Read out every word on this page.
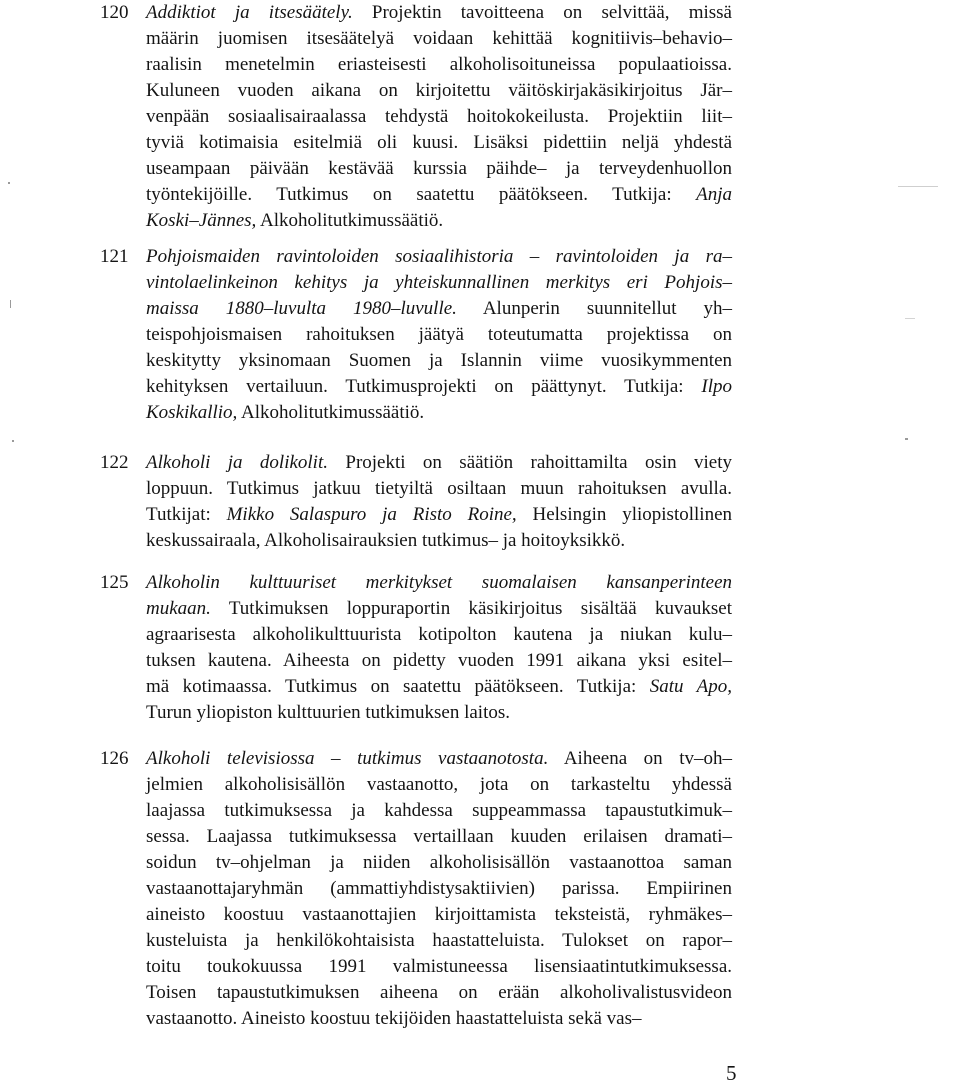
120 Addiktiot ja itsesäätely. Projektin tavoitteena on selvittää, missä
määrin juomisen itsesäätelyä voidaan kehittää kognitiivis–behavio–
raalisin menetelmin eriasteisesti alkoholisoituneissa populaatioissa.
Kuluneen vuoden aikana on kirjoitettu väitöskirjakäsikirjoitus Jär–
venpään sosiaalisairaalassa tehdystä hoitokokeilusta. Projektiin liit–
tyviä kotimaisia esitelmiä oli kuusi. Lisäksi pidettiin neljä yhdestä
useampaan päivään kestävää kurssia päihde– ja terveydenhuollon
työntekijöille. Tutkimus on saatettu päätökseen. Tutkija: Anja
Koski–Jännes, Alkoholitutkimussäätiö.
121 Pohjoismaiden ravintoloiden sosiaalihistoria – ravintoloiden ja ra–
vintolaelinkeinon kehitys ja yhteiskunnallinen merkitys eri Pohjois–
maissa 1880–luvulta 1980–luvulle. Alunperin suunnitellut yh–
teispohjoismaisen rahoituksen jäätyä toteutumatta projektissa on
keskitytty yksinomaan Suomen ja Islannin viime vuosikymmenten
kehityksen vertailuun. Tutkimusprojekti on päättynyt. Tutkija: Ilpo
Koskikallio, Alkoholitutkimussäätiö.
122 Alkoholi ja dolikolit. Projekti on säätiön rahoittamilta osin viety
loppuun. Tutkimus jatkuu tietyiltä osiltaan muun rahoituksen avulla.
Tutkijat: Mikko Salaspuro ja Risto Roine, Helsingin yliopistollinen
keskussairaala, Alkoholisairauksien tutkimus– ja hoitoyksikkö.
125 Alkoholin kulttuuriset merkitykset suomalaisen kansanperinteen
mukaan. Tutkimuksen loppuraportin käsikirjoitus sisältää kuvaukset
agraarisesta alkoholikulttuurista kotipolton kautena ja niukan kulu–
tuksen kautena. Aiheesta on pidetty vuoden 1991 aikana yksi esitel–
mä kotimaassa. Tutkimus on saatettu päätökseen. Tutkija: Satu Apo,
Turun yliopiston kulttuurien tutkimuksen laitos.
126 Alkoholi televisiossa – tutkimus vastaanotosta. Aiheena on tv–oh–
jelmien alkoholisisällön vastaanotto, jota on tarkasteltu yhdessä
laajassa tutkimuksessa ja kahdessa suppeammassa tapaustutkimuk–
sessa. Laajassa tutkimuksessa vertaillaan kuuden erilaisen dramati–
soidun tv–ohjelman ja niiden alkoholisisällön vastaanottoa saman
vastaanottajaryhmän (ammattiyhdistysaktiivien) parissa. Empiirinen
aineisto koostuu vastaanottajien kirjoittamista teksteistä, ryhmäkes–
kusteluista ja henkilökohtaisista haastatteluista. Tulokset on rapor–
toitu toukokuussa 1991 valmistuneessa lisensiaatintutkimuksessa.
Toisen tapaustutkimuksen aiheena on erään alkoholivalistusvideon
vastaanotto. Aineisto koostuu tekijöiden haastatteluista sekä vas–
5
